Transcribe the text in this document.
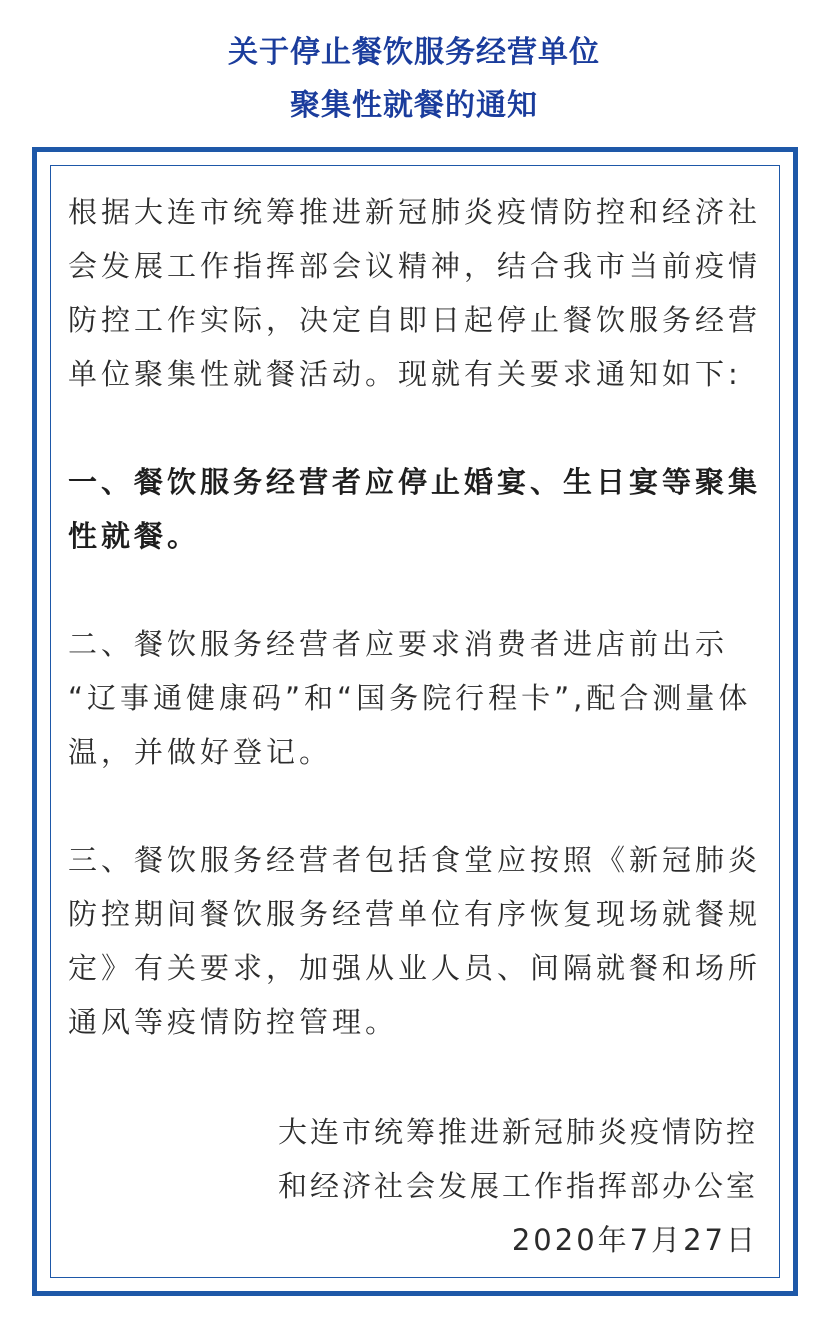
关于停止餐饮服务经营单位
聚集性就餐的通知

根据大连市统筹推进新冠肺炎疫情防控和经济社
会发展工作指挥部会议精神，结合我市当前疫情
防控工作实际，决定自即日起停止餐饮服务经营
单位聚集性就餐活动。现就有关要求通知如下:

一、餐饮服务经营者应停止婚宴、生日宴等聚集
性就餐。

二、餐饮服务经营者应要求消费者进店前出示
“辽事通健康码”和“国务院行程卡”,配合测量体
温，并做好登记。

三、餐饮服务经营者包括食堂应按照《新冠肺炎
防控期间餐饮服务经营单位有序恢复现场就餐规
定》有关要求，加强从业人员、间隔就餐和场所
通风等疫情防控管理。

大连市统筹推进新冠肺炎疫情防控
和经济社会发展工作指挥部办公室
2020年7月27日
